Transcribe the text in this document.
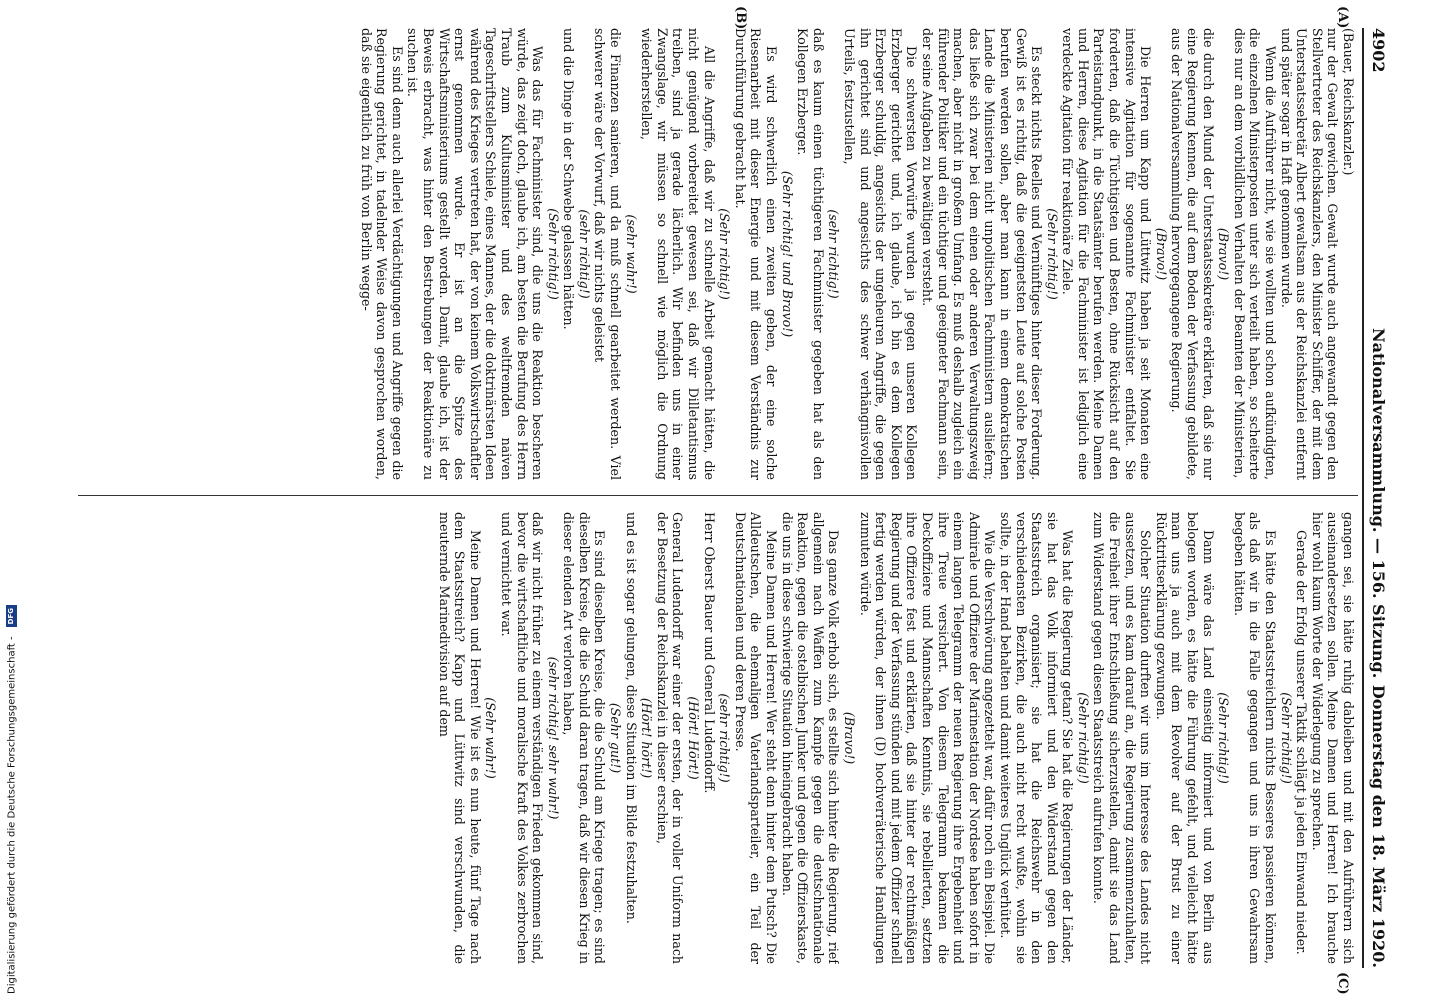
4902
Nationalversammlung. — 156. Sitzung.
Donnerstag den 18. März 1920.
(A)
(B)
(C)

(Bauer, Reichskanzler.)

nur der Gewalt gewichen. Gewalt wurde auch angewandt gegen den Stellvertreter des Reichskanzlers, den Minister Schiffer, der mit dem Unterstaatssekretär Albert gewaltsam aus der Reichskanzlei entfernt und später sogar in Haft genommen wurde.

Wenn die Aufrührer nicht, wie sie wollten und schon aufkündigten, die einzelnen Ministerposten unter sich verteilt haben, so scheiterte dies nur an dem vorbildlichen Verhalten der Beamten der Ministerien,

(Bravo!)

die durch den Mund der Unterstaatssekretäre erklärten, daß sie nur eine Regierung kennen, die auf dem Boden der Verfassung gebildete, aus der Nationalversammlung hervorgegangene Regierung.

(Bravo!)

Die Herren um Kapp und Lüttwitz haben ja seit Monaten eine intensive Agitation für sogenannte Fachminister entfaltet. Sie forderten, daß die Tüchtigsten und Besten, ohne Rücksicht auf den Parteistandpunkt, in die Staatsämter berufen werden. Meine Damen und Herren, diese Agitation für die Fachminister ist lediglich eine verdeckte Agitation für reaktionäre Ziele.

(Sehr richtig!)

Es steckt nichts Reelles und Vernünftiges hinter dieser Forderung. Gewiß ist es richtig, daß die geeignetsten Leute auf solche Posten berufen werden sollen, aber man kann in einem demokratischen Lande die Ministerien nicht unpolitischen Fachministern ausliefern; das ließe sich zwar bei dem einen oder anderen Verwaltungszweig machen, aber nicht in großem Umfang. Es muß deshalb zugleich ein führender Politiker und ein tüchtiger und geeigneter Fachmann sein, der seine Aufgaben zu bewältigen versteht.

Die schwersten Vorwürfe wurden ja gegen unseren Kollegen Erzberger gerichtet und, ich glaube, ich bin es dem Kollegen Erzberger schuldig, angesichts der ungeheuren Angriffe, die gegen ihn gerichtet sind und angesichts des schwer verhängnisvollen Urteils, festzustellen,

(sehr richtig!)

daß es kaum einen tüchtigeren Fachminister gegeben hat als den Kollegen Erzberger.

(Sehr richtig! und Bravo!)

Es wird schwerlich einen zweiten geben, der eine solche Riesenarbeit mit dieser Energie und mit diesem Verständnis zur Durchführung gebracht hat.

(Sehr richtig!)

All die Angriffe, daß wir zu schnelle Arbeit gemacht hätten, die nicht genügend vorbereitet gewesen sei, daß wir Dilletantismus treiben, sind ja gerade lächerlich. Wir befinden uns in einer Zwangslage, wir müssen so schnell wie möglich die Ordnung wiederherstellen,

(sehr wahr!)

die Finanzen sanieren, und da muß schnell gearbeitet werden. Viel schwerer wäre der Vorwurf, daß wir nichts geleistet

(sehr richtig!)

und die Dinge in der Schwebe gelassen hätten.

(Sehr richtig!)

Was das für Fachminister sind, die uns die Reaktion bescheren würde, das zeigt doch, glaube ich, am besten die Berufung des Herrn Traub zum Kultusminister und des weltfremden naiven Tageschriftstellers Schiele, eines Mannes, der die doktrinärsten Ideen während des Krieges vertreten hat, der von keinem Volkswirtschaftler ernst genommen wurde. Er ist an die Spitze des Wirtschaftsministeriums gestellt worden. Damit, glaube ich, ist der Beweis erbracht, was hinter den Bestrebungen der Reaktionäre zu suchen ist.

Es sind denn auch allerlei Verdächtigungen und Angriffe gegen die Regierung gerichtet, in tadelnder Weise davon gesprochen worden, daß sie eigentlich zu früh von Berlin wegge-

gangen sei, sie hätte ruhig dableiben und mit den Aufrührern sich auseinandersetzen sollen. Meine Damen und Herren! Ich brauche hier wohl kaum Worte der Widerlegung zu sprechen.

Gerade der Erfolg unserer Taktik schlägt ja jeden Einwand nieder.

(Sehr richtig!)

Es hätte den Staatsstreichlern nichts Besseres passieren können, als daß wir in die Falle gegangen und uns in ihren Gewahrsam begeben hätten.

(Sehr richtig!)

Dann wäre das Land einseitig informiert und von Berlin aus belogen worden, es hätte die Führung gefehlt, und vielleicht hätte man uns ja auch mit dem Revolver auf der Brust zu einer Rücktrittserklärung gezwungen.

Solcher Situation durften wir uns im Interesse des Landes nicht aussetzen, und es kam darauf an, die Regierung zusammenzuhalten, die Freiheit ihrer Entschließung sicherzustellen, damit sie das Land zum Widerstand gegen diesen Staatsstreich aufrufen konnte.

(Sehr richtig!)

Was hat die Regierung getan? Sie hat die Regierungen der Länder, sie hat das Volk informiert und den Widerstand gegen den Staatsstreich organisiert; sie hat die Reichswehr in den verschiedensten Bezirken, die auch nicht recht wußte, wohin sie sollte, in der Hand behalten und damit weiteres Unglück verhütet.

Wie die Verschwörung angezettelt war, dafür noch ein Beispiel. Die Admirale und Offiziere der Marinestation der Nordsee haben sofort in einem langen Telegramm der neuen Regierung ihre Ergebenheit und ihre Treue versichert. Von diesem Telegramm bekamen die Deckoffiziere und Mannschaften Kenntnis, sie rebellierten, setzten ihre Offiziere fest und erklärten, daß sie hinter der rechtmäßigen Regierung und der Verfassung stünden und mit jedem Offizier schnell fertig werden würden, der ihnen (D) hochverräterische Handlungen zumuten würde.

(Bravo!)

Das ganze Volk erhob sich, es stellte sich hinter die Regierung, rief allgemein nach Waffen zum Kampfe gegen die deutschnationale Reaktion, gegen die ostelbischen Junker und gegen die Offizierskaste, die uns in diese schwierige Situation hineingebracht haben.

Meine Damen und Herren! Wer steht denn hinter dem Putsch? Die Alldeutschen, die ehemaligen Vaterlandsparteiler, ein Teil der Deutschnationalen und deren Presse.

(sehr richtig!)

Herr Oberst Bauer und General Ludendorff.

(Hört! Hört!)

General Ludendorff war einer der ersten, der in voller Uniform nach der Besetzung der Reichskanzlei in dieser erschien,

(Hört! hört!)

und es ist sogar gelungen, diese Situation im Bilde festzuhalten.

(Sehr gut!)

Es sind dieselben Kreise, die die Schuld am Kriege tragen; es sind dieselben Kreise, die die Schuld daran tragen, daß wir diesen Krieg in dieser elenden Art verloren haben,

(sehr richtig! sehr wahr!)

daß wir nicht früher zu einem verständigen Frieden gekommen sind, bevor die wirtschaftliche und moralische Kraft des Volkes zerbrochen und vernichtet war.

(Sehr wahr!)

Meine Damen und Herren! Wie ist es nun heute, fünf Tage nach dem Staatsstreich? Kapp und Lüttwitz sind verschwunden, die meuternde Marinedivision auf dem

Digitalisierung gefördert durch die Deutsche Forschungsgemeinschaft - DFG
